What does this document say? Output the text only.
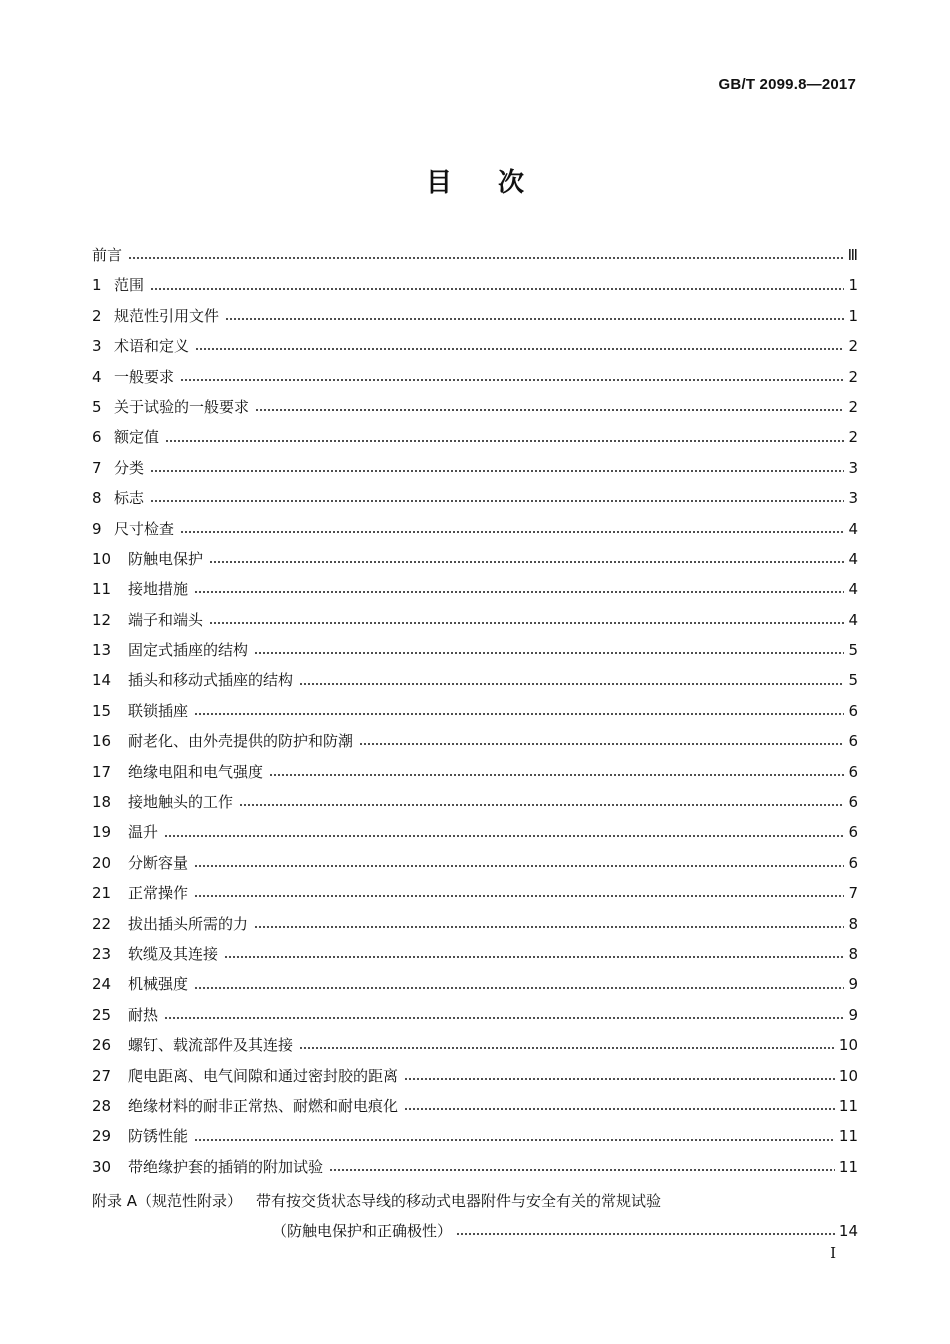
GB/T 2099.8—2017
目 次
前言	Ⅲ
1 范围	1
2 规范性引用文件	1
3 术语和定义	2
4 一般要求	2
5 关于试验的一般要求	2
6 额定值	2
7 分类	3
8 标志	3
9 尺寸检查	4
10	防触电保护	4
11	接地措施	4
12	端子和端头	4
13	固定式插座的结构	5
14	插头和移动式插座的结构	5
15	联锁插座	6
16	耐老化、由外壳提供的防护和防潮	6
17	绝缘电阻和电气强度	6
18	接地触头的工作	6
19	温升	6
20	分断容量	6
21	正常操作	7
22	拔出插头所需的力	8
23	软缆及其连接	8
24	机械强度	9
25	耐热	9
26	螺钉、载流部件及其连接	10
27	爬电距离、电气间隙和通过密封胶的距离	10
28	绝缘材料的耐非正常热、耐燃和耐电痕化	11
29	防锈性能	11
30	带绝缘护套的插销的附加试验	11
附录 A（规范性附录） 带有按交货状态导线的移动式电器附件与安全有关的常规试验
（防触电保护和正确极性）	14
I
